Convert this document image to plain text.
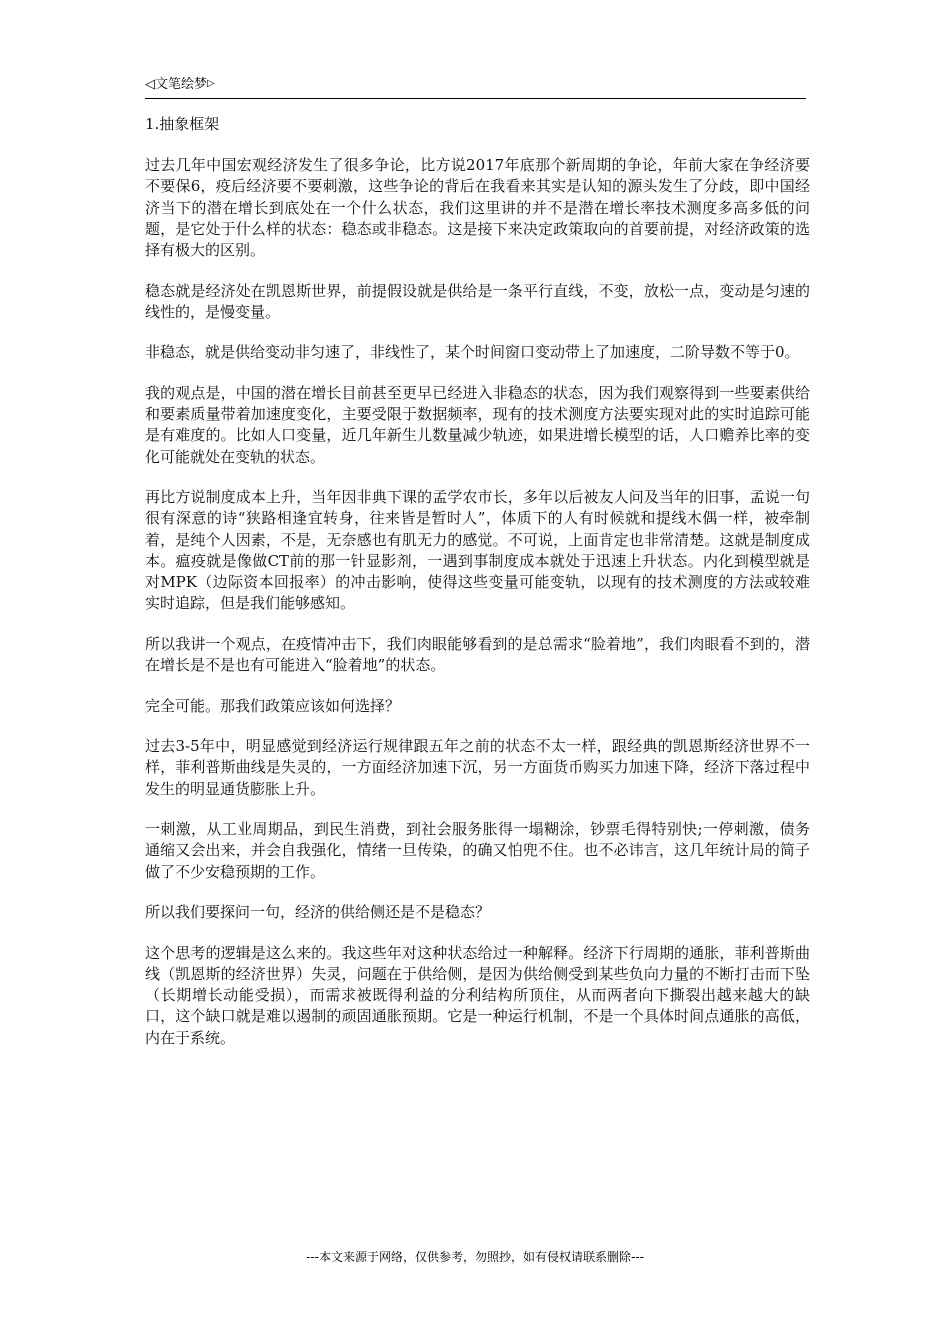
◁文笔绘梦▷
1.抽象框架

过去几年中国宏观经济发生了很多争论，比方说2017年底那个新周期的争论，年前大家在争经济要不要保6，疫后经济要不要刺激，这些争论的背后在我看来其实是认知的源头发生了分歧，即中国经济当下的潜在增长到底处在一个什么状态，我们这里讲的并不是潜在增长率技术测度多高多低的问题，是它处于什么样的状态：稳态或非稳态。这是接下来决定政策取向的首要前提，对经济政策的选择有极大的区别。

稳态就是经济处在凯恩斯世界，前提假设就是供给是一条平行直线，不变，放松一点，变动是匀速的线性的，是慢变量。

非稳态，就是供给变动非匀速了，非线性了，某个时间窗口变动带上了加速度，二阶导数不等于0。

我的观点是，中国的潜在增长目前甚至更早已经进入非稳态的状态，因为我们观察得到一些要素供给和要素质量带着加速度变化，主要受限于数据频率，现有的技术测度方法要实现对此的实时追踪可能是有难度的。比如人口变量，近几年新生儿数量减少轨迹，如果进增长模型的话，人口赡养比率的变化可能就处在变轨的状态。

再比方说制度成本上升，当年因非典下课的孟学农市长，多年以后被友人问及当年的旧事，孟说一句很有深意的诗“狭路相逢宜转身，往来皆是暂时人”，体质下的人有时候就和提线木偶一样，被牵制着，是纯个人因素，不是，无奈感也有肌无力的感觉。不可说，上面肯定也非常清楚。这就是制度成本。瘟疫就是像做CT前的那一针显影剂，一遇到事制度成本就处于迅速上升状态。内化到模型就是对MPK（边际资本回报率）的冲击影响，使得这些变量可能变轨，以现有的技术测度的方法或较难实时追踪，但是我们能够感知。

所以我讲一个观点，在疫情冲击下，我们肉眼能够看到的是总需求“脸着地”，我们肉眼看不到的，潜在增长是不是也有可能进入“脸着地”的状态。

完全可能。那我们政策应该如何选择？

过去3-5年中，明显感觉到经济运行规律跟五年之前的状态不太一样，跟经典的凯恩斯经济世界不一样，菲利普斯曲线是失灵的，一方面经济加速下沉，另一方面货币购买力加速下降，经济下落过程中发生的明显通货膨胀上升。

一刺激，从工业周期品，到民生消费，到社会服务胀得一塌糊涂，钞票毛得特别快;一停刺激，债务通缩又会出来，并会自我强化，情绪一旦传染，的确又怕兜不住。也不必讳言，这几年统计局的简子做了不少安稳预期的工作。

所以我们要探问一句，经济的供给侧还是不是稳态？

这个思考的逻辑是这么来的。我这些年对这种状态给过一种解释。经济下行周期的通胀，菲利普斯曲线（凯恩斯的经济世界）失灵，问题在于供给侧，是因为供给侧受到某些负向力量的不断打击而下坠（长期增长动能受损），而需求被既得利益的分利结构所顶住，从而两者向下撕裂出越来越大的缺口，这个缺口就是难以遏制的顽固通胀预期。它是一种运行机制，不是一个具体时间点通胀的高低，内在于系统。

---本文来源于网络，仅供参考，勿照抄，如有侵权请联系删除---
